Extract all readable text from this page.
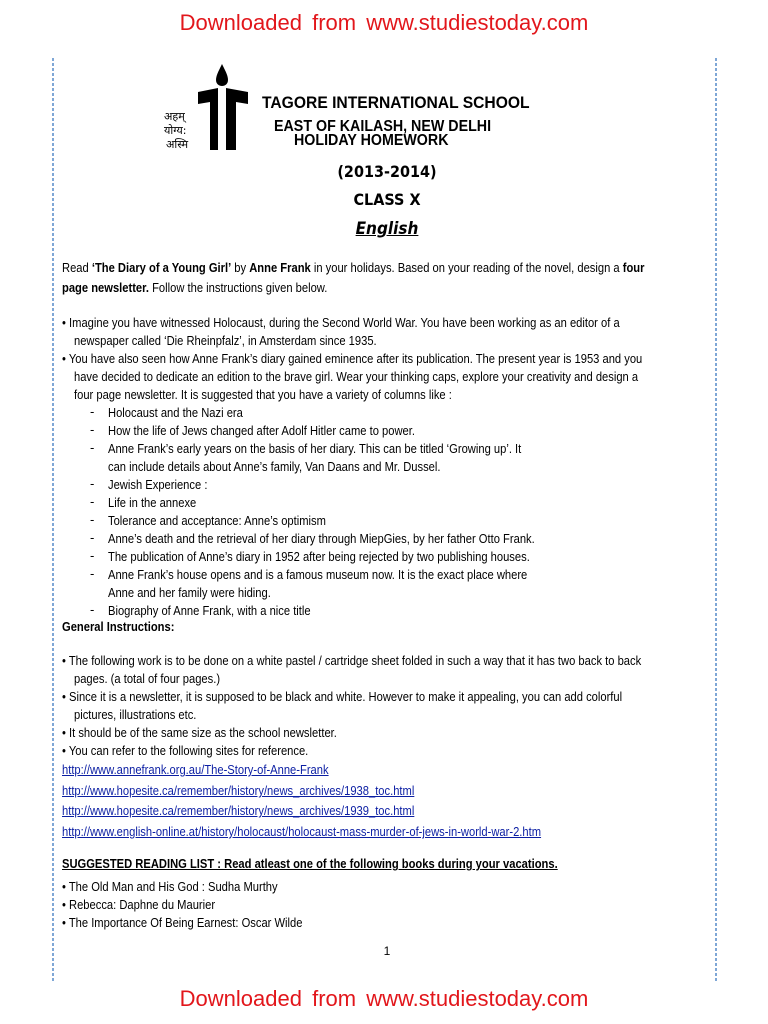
Downloaded from www.studiestoday.com
Downloaded from www.studiestoday.com
अहम्
योग्य:
अस्मि
TAGORE INTERNATIONAL SCHOOL
EAST OF KAILASH, NEW DELHI
HOLIDAY HOMEWORK
(2013-2014)
CLASS X
English
Read ‘The Diary of a Young Girl’ by Anne Frank in your holidays. Based on your reading of the novel, design a four
page newsletter. Follow the instructions given below.
• Imagine you have witnessed Holocaust, during the Second World War. You have been working as an editor of a
newspaper called ‘Die Rheinpfalz’, in Amsterdam since 1935.
• You have also seen how Anne Frank’s diary gained eminence after its publication. The present year is 1953 and you
have decided to dedicate an edition to the brave girl. Wear your thinking caps, explore your creativity and design a
four page newsletter. It is suggested that you have a variety of columns like :
- Holocaust and the Nazi era
- How the life of Jews changed after Adolf Hitler came to power.
- Anne Frank’s early years on the basis of her diary. This can be titled ‘Growing up’. It
can include details about Anne’s family, Van Daans and Mr. Dussel.
- Jewish Experience :
- Life in the annexe
- Tolerance and acceptance: Anne’s optimism
- Anne’s death and the retrieval of her diary through MiepGies, by her father Otto Frank.
- The publication of Anne’s diary in 1952 after being rejected by two publishing houses.
- Anne Frank’s house opens and is a famous museum now. It is the exact place where
Anne and her family were hiding.
- Biography of Anne Frank, with a nice title
General Instructions:
• The following work is to be done on a white pastel / cartridge sheet folded in such a way that it has two back to back
pages. (a total of four pages.)
• Since it is a newsletter, it is supposed to be black and white. However to make it appealing, you can add colorful
pictures, illustrations etc.
• It should be of the same size as the school newsletter.
• You can refer to the following sites for reference.
http://www.annefrank.org.au/The-Story-of-Anne-Frank
http://www.hopesite.ca/remember/history/news_archives/1938_toc.html
http://www.hopesite.ca/remember/history/news_archives/1939_toc.html
http://www.english-online.at/history/holocaust/holocaust-mass-murder-of-jews-in-world-war-2.htm
SUGGESTED READING LIST : Read atleast one of the following books during your vacations.
• The Old Man and His God : Sudha Murthy
• Rebecca: Daphne du Maurier
• The Importance Of Being Earnest: Oscar Wilde
1
